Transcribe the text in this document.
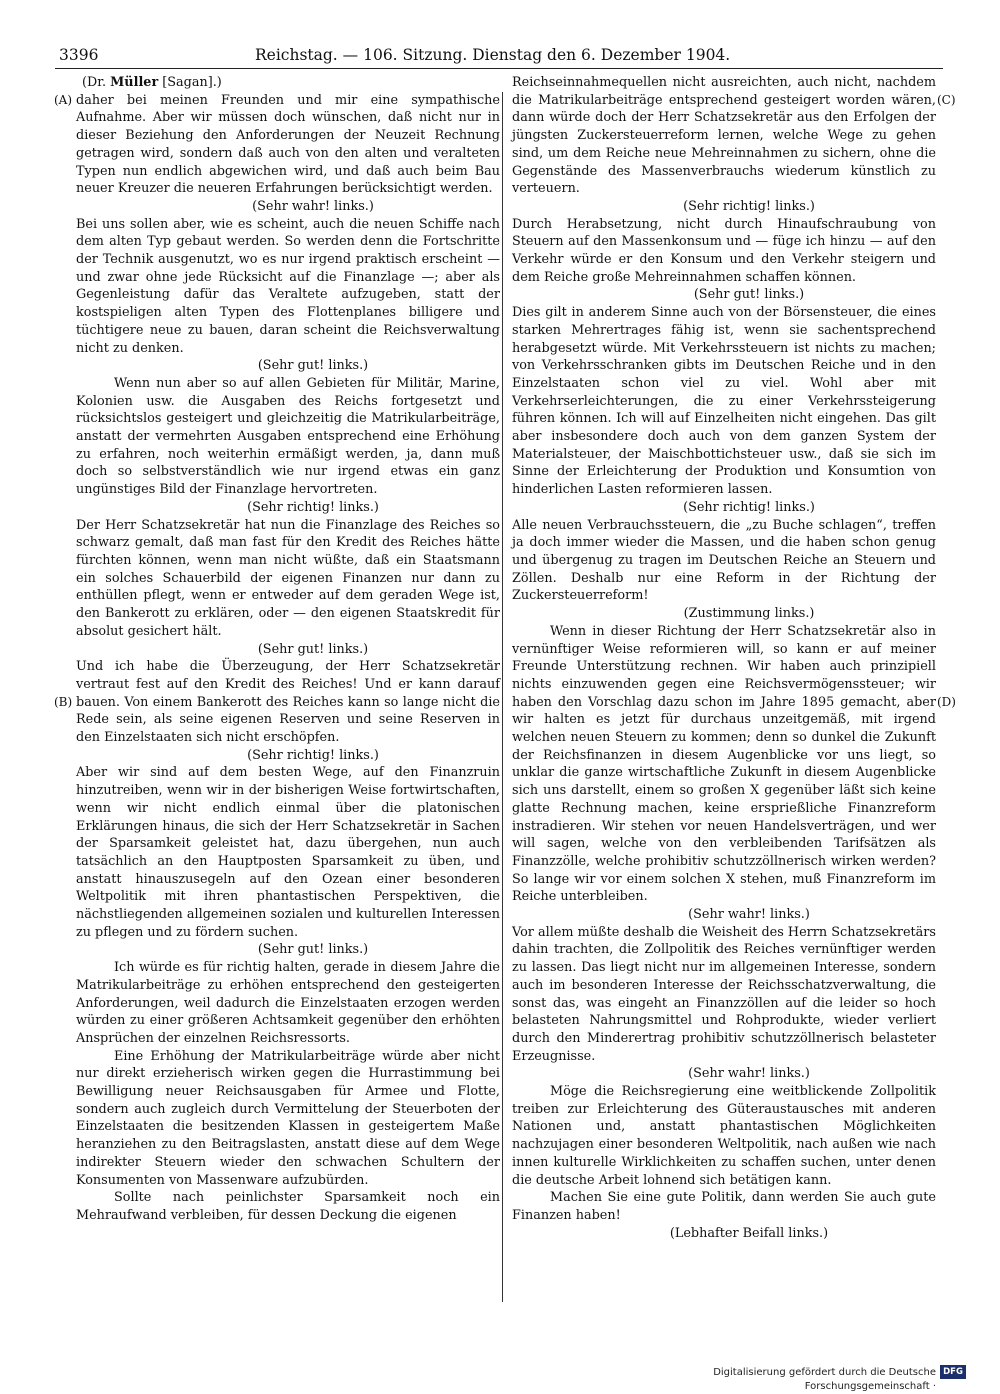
3396	Reichstag. — 106. Sitzung. Dienstag den 6. Dezember 1904.
(A)
(B)
(C)
(D)

(Dr. Müller [Sagan].)

daher bei meinen Freunden und mir eine sympathische Aufnahme. Aber wir müssen doch wünschen, daß nicht nur in dieser Beziehung den Anforderungen der Neuzeit Rechnung getragen wird, sondern daß auch von den alten und veralteten Typen nun endlich abgewichen wird, und daß auch beim Bau neuer Kreuzer die neueren Erfahrungen berücksichtigt werden.

(Sehr wahr! links.)

Bei uns sollen aber, wie es scheint, auch die neuen Schiffe nach dem alten Typ gebaut werden. So werden denn die Fortschritte der Technik ausgenutzt, wo es nur irgend praktisch erscheint — und zwar ohne jede Rücksicht auf die Finanzlage —; aber als Gegenleistung dafür das Veraltete aufzugeben, statt der kostspieligen alten Typen des Flottenplanes billigere und tüchtigere neue zu bauen, daran scheint die Reichsverwaltung nicht zu denken.

(Sehr gut! links.)

Wenn nun aber so auf allen Gebieten für Militär, Marine, Kolonien usw. die Ausgaben des Reichs fortgesetzt und rücksichtslos gesteigert und gleichzeitig die Matrikularbeiträge, anstatt der vermehrten Ausgaben entsprechend eine Erhöhung zu erfahren, noch weiterhin ermäßigt werden, ja, dann muß doch so selbstverständlich wie nur irgend etwas ein ganz ungünstiges Bild der Finanzlage hervortreten.

(Sehr richtig! links.)

Der Herr Schatzsekretär hat nun die Finanzlage des Reiches so schwarz gemalt, daß man fast für den Kredit des Reiches hätte fürchten können, wenn man nicht wüßte, daß ein Staatsmann ein solches Schauerbild der eigenen Finanzen nur dann zu enthüllen pflegt, wenn er entweder auf dem geraden Wege ist, den Bankerott zu erklären, oder — den eigenen Staatskredit für absolut gesichert hält.

(Sehr gut! links.)

Und ich habe die Überzeugung, der Herr Schatzsekretär vertraut fest auf den Kredit des Reiches! Und er kann darauf bauen. Von einem Bankerott des Reiches kann so lange nicht die Rede sein, als seine eigenen Reserven und seine Reserven in den Einzelstaaten sich nicht erschöpfen.

(Sehr richtig! links.)

Aber wir sind auf dem besten Wege, auf den Finanzruin hinzutreiben, wenn wir in der bisherigen Weise fortwirtschaften, wenn wir nicht endlich einmal über die platonischen Erklärungen hinaus, die sich der Herr Schatzsekretär in Sachen der Sparsamkeit geleistet hat, dazu übergehen, nun auch tatsächlich an den Hauptposten Sparsamkeit zu üben, und anstatt hinauszusegeln auf den Ozean einer besonderen Weltpolitik mit ihren phantastischen Perspektiven, die nächstliegenden allgemeinen sozialen und kulturellen Interessen zu pflegen und zu fördern suchen.

(Sehr gut! links.)

Ich würde es für richtig halten, gerade in diesem Jahre die Matrikularbeiträge zu erhöhen entsprechend den gesteigerten Anforderungen, weil dadurch die Einzelstaaten erzogen werden würden zu einer größeren Achtsamkeit gegenüber den erhöhten Ansprüchen der einzelnen Reichsressorts.

Eine Erhöhung der Matrikularbeiträge würde aber nicht nur direkt erzieherisch wirken gegen die Hurrastimmung bei Bewilligung neuer Reichsausgaben für Armee und Flotte, sondern auch zugleich durch Vermittelung der Steuerboten der Einzelstaaten die besitzenden Klassen in gesteigertem Maße heranziehen zu den Beitragslasten, anstatt diese auf dem Wege indirekter Steuern wieder den schwachen Schultern der Konsumenten von Massenware aufzubürden.

Sollte nach peinlichster Sparsamkeit noch ein Mehraufwand verbleiben, für dessen Deckung die eigenen

Reichseinnahmequellen nicht ausreichten, auch nicht, nachdem die Matrikularbeiträge entsprechend gesteigert worden wären, dann würde doch der Herr Schatzsekretär aus den Erfolgen der jüngsten Zuckersteuerreform lernen, welche Wege zu gehen sind, um dem Reiche neue Mehreinnahmen zu sichern, ohne die Gegenstände des Massenverbrauchs wiederum künstlich zu verteuern.

(Sehr richtig! links.)

Durch Herabsetzung, nicht durch Hinaufschraubung von Steuern auf den Massenkonsum und — füge ich hinzu — auf den Verkehr würde er den Konsum und den Verkehr steigern und dem Reiche große Mehreinnahmen schaffen können.

(Sehr gut! links.)

Dies gilt in anderem Sinne auch von der Börsensteuer, die eines starken Mehrertrages fähig ist, wenn sie sachentsprechend herabgesetzt würde. Mit Verkehrssteuern ist nichts zu machen; von Verkehrsschranken gibts im Deutschen Reiche und in den Einzelstaaten schon viel zu viel. Wohl aber mit Verkehrserleichterungen, die zu einer Verkehrssteigerung führen können. Ich will auf Einzelheiten nicht eingehen. Das gilt aber insbesondere doch auch von dem ganzen System der Materialsteuer, der Maischbottichsteuer usw., daß sie sich im Sinne der Erleichterung der Produktion und Konsumtion von hinderlichen Lasten reformieren lassen.

(Sehr richtig! links.)

Alle neuen Verbrauchssteuern, die „zu Buche schlagen“, treffen ja doch immer wieder die Massen, und die haben schon genug und übergenug zu tragen im Deutschen Reiche an Steuern und Zöllen. Deshalb nur eine Reform in der Richtung der Zuckersteuerreform!

(Zustimmung links.)

Wenn in dieser Richtung der Herr Schatzsekretär also in vernünftiger Weise reformieren will, so kann er auf meiner Freunde Unterstützung rechnen. Wir haben auch prinzipiell nichts einzuwenden gegen eine Reichsvermögenssteuer; wir haben den Vorschlag dazu schon im Jahre 1895 gemacht, aber wir halten es jetzt für durchaus unzeitgemäß, mit irgend welchen neuen Steuern zu kommen; denn so dunkel die Zukunft der Reichsfinanzen in diesem Augenblicke vor uns liegt, so unklar die ganze wirtschaftliche Zukunft in diesem Augenblicke sich uns darstellt, einem so großen X gegenüber läßt sich keine glatte Rechnung machen, keine ersprießliche Finanzreform instradieren. Wir stehen vor neuen Handelsverträgen, und wer will sagen, welche von den verbleibenden Tarifsätzen als Finanzzölle, welche prohibitiv schutzzöllnerisch wirken werden? So lange wir vor einem solchen X stehen, muß Finanzreform im Reiche unterbleiben.

(Sehr wahr! links.)

Vor allem müßte deshalb die Weisheit des Herrn Schatzsekretärs dahin trachten, die Zollpolitik des Reiches vernünftiger werden zu lassen. Das liegt nicht nur im allgemeinen Interesse, sondern auch im besonderen Interesse der Reichsschatzverwaltung, die sonst das, was eingeht an Finanzzöllen auf die leider so hoch belasteten Nahrungsmittel und Rohprodukte, wieder verliert durch den Minderertrag prohibitiv schutzzöllnerisch belasteter Erzeugnisse.

(Sehr wahr! links.)

Möge die Reichsregierung eine weitblickende Zollpolitik treiben zur Erleichterung des Güteraustausches mit anderen Nationen und, anstatt phantastischen Möglichkeiten nachzujagen einer besonderen Weltpolitik, nach außen wie nach innen kulturelle Wirklichkeiten zu schaffen suchen, unter denen die deutsche Arbeit lohnend sich betätigen kann.

Machen Sie eine gute Politik, dann werden Sie auch gute Finanzen haben!

(Lebhafter Beifall links.)

Digitalisierung gefördert durch die Deutsche Forschungsgemeinschaft ·
DFG
